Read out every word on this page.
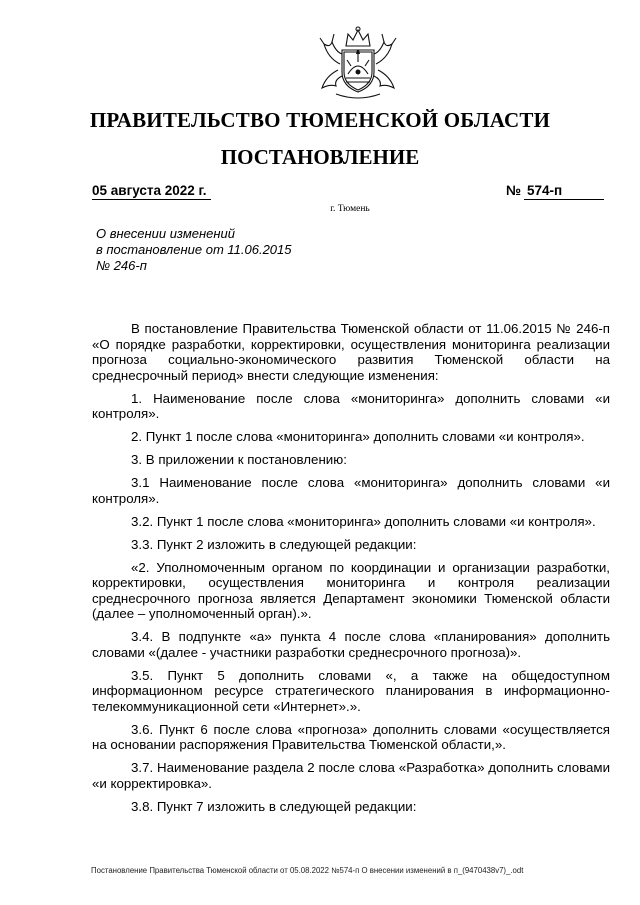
ПРАВИТЕЛЬСТВО ТЮМЕНСКОЙ ОБЛАСТИ
ПОСТАНОВЛЕНИЕ
05 августа 2022 г.	№ 574-п
г. Тюмень
О внесении изменений
в постановление от 11.06.2015
№ 246-п

В постановление Правительства Тюменской области от 11.06.2015 № 246-п «О порядке разработки, корректировки, осуществления мониторинга реализации прогноза социально-экономического развития Тюменской области на среднесрочный период» внести следующие изменения:

1. Наименование после слова «мониторинга» дополнить словами «и контроля».

2. Пункт 1 после слова «мониторинга» дополнить словами «и контроля».

3. В приложении к постановлению:

3.1 Наименование после слова «мониторинга» дополнить словами «и контроля».

3.2. Пункт 1 после слова «мониторинга» дополнить словами «и контроля».

3.3. Пункт 2 изложить в следующей редакции:

«2. Уполномоченным органом по координации и организации разработки, корректировки, осуществления мониторинга и контроля реализации среднесрочного прогноза является Департамент экономики Тюменской области (далее – уполномоченный орган).».

3.4. В подпункте «а» пункта 4 после слова «планирования» дополнить словами «(далее - участники разработки среднесрочного прогноза)».

3.5. Пункт 5 дополнить словами «, а также на общедоступном информационном ресурсе стратегического планирования в информационно-телекоммуникационной сети «Интернет».».

3.6. Пункт 6 после слова «прогноза» дополнить словами «осуществляется на основании распоряжения Правительства Тюменской области,».

3.7. Наименование раздела 2 после слова «Разработка» дополнить словами «и корректировка».

3.8. Пункт 7 изложить в следующей редакции:

Постановление Правительства Тюменской области от 05.08.2022 №574-п О внесении изменений в п_(9470438v7)_.odt
